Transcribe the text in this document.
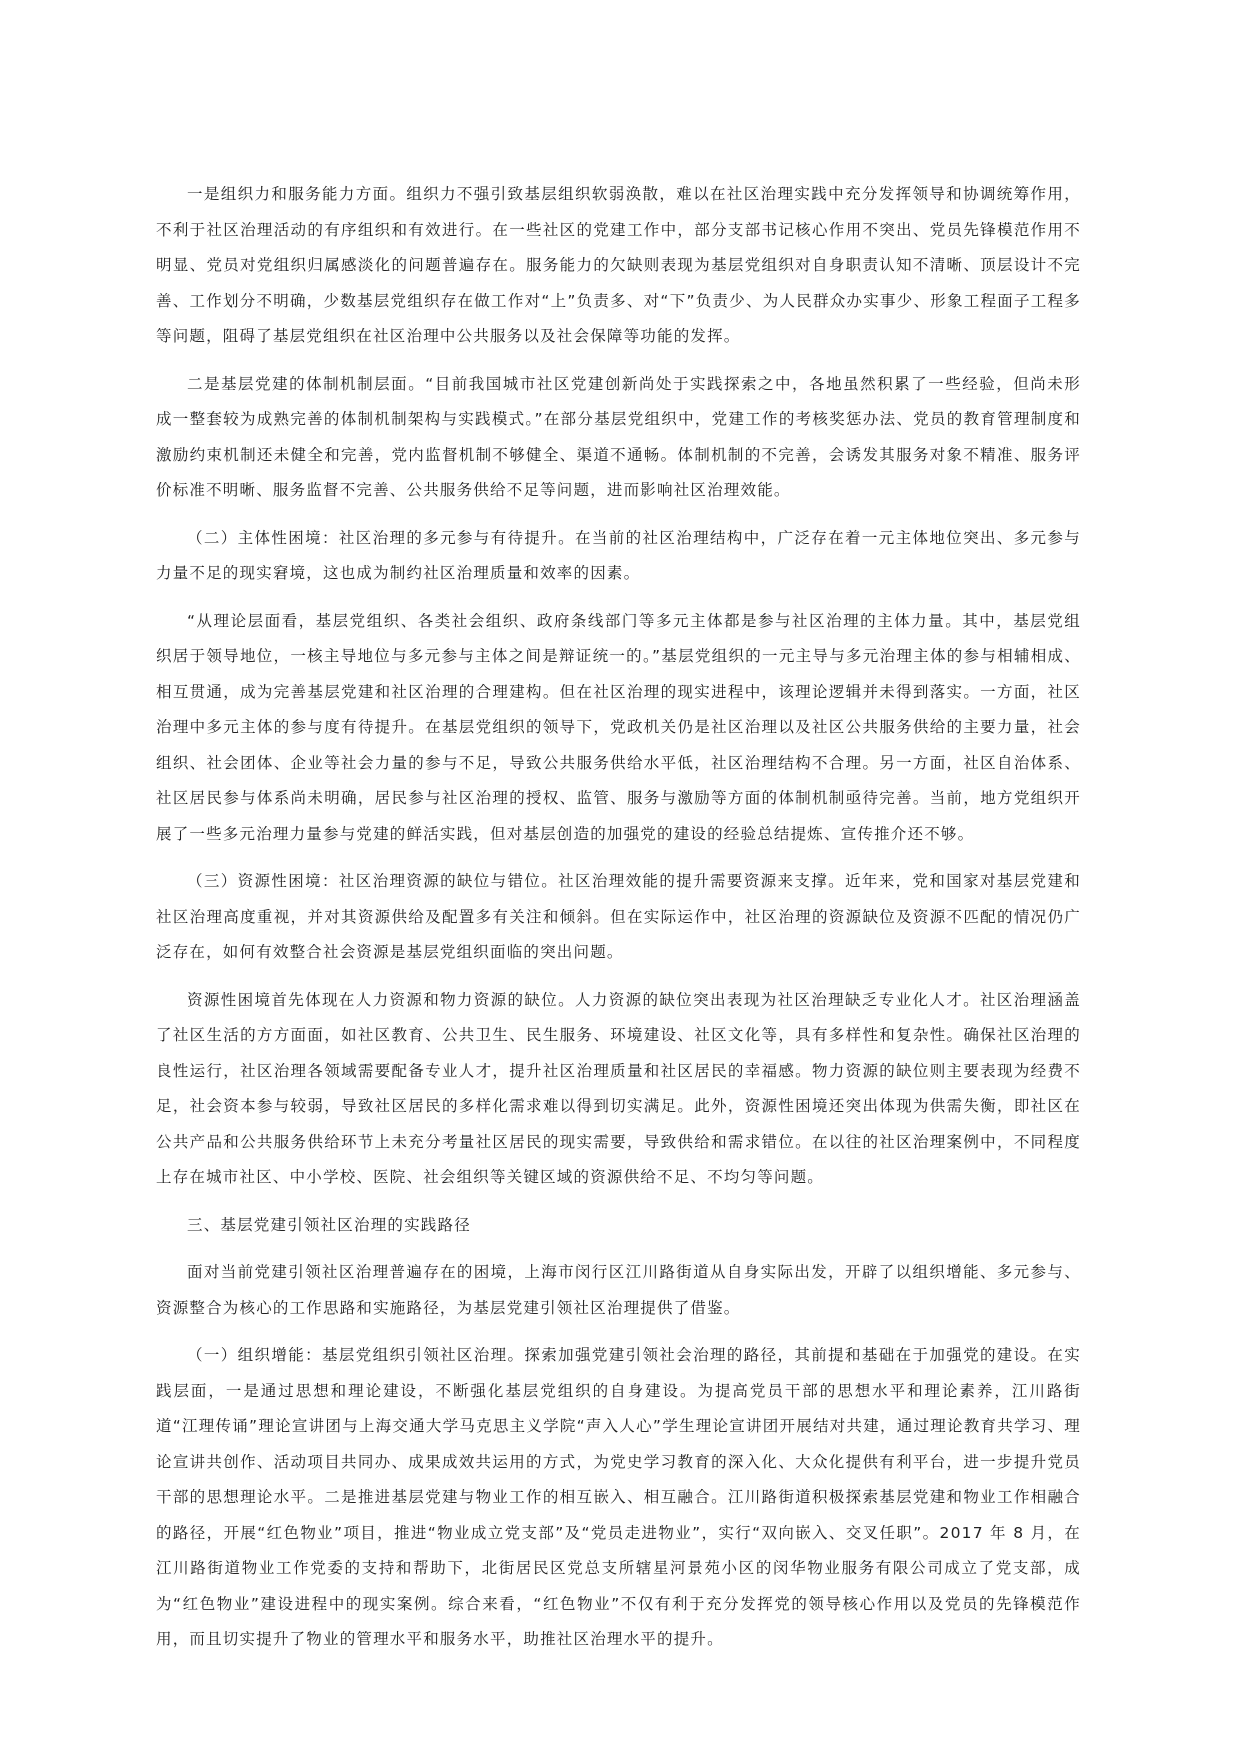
一是组织力和服务能力方面。组织力不强引致基层组织软弱涣散，难以在社区治理实践中充分发挥领导和协调统筹作用，不利于社区治理活动的有序组织和有效进行。在一些社区的党建工作中，部分支部书记核心作用不突出、党员先锋模范作用不明显、党员对党组织归属感淡化的问题普遍存在。服务能力的欠缺则表现为基层党组织对自身职责认知不清晰、顶层设计不完善、工作划分不明确，少数基层党组织存在做工作对“上”负责多、对“下”负责少、为人民群众办实事少、形象工程面子工程多等问题，阻碍了基层党组织在社区治理中公共服务以及社会保障等功能的发挥。

二是基层党建的体制机制层面。“目前我国城市社区党建创新尚处于实践探索之中，各地虽然积累了一些经验，但尚未形成一整套较为成熟完善的体制机制架构与实践模式。”在部分基层党组织中，党建工作的考核奖惩办法、党员的教育管理制度和激励约束机制还未健全和完善，党内监督机制不够健全、渠道不通畅。体制机制的不完善，会诱发其服务对象不精准、服务评价标准不明晰、服务监督不完善、公共服务供给不足等问题，进而影响社区治理效能。

（二）主体性困境：社区治理的多元参与有待提升。在当前的社区治理结构中，广泛存在着一元主体地位突出、多元参与力量不足的现实窘境，这也成为制约社区治理质量和效率的因素。

“从理论层面看，基层党组织、各类社会组织、政府条线部门等多元主体都是参与社区治理的主体力量。其中，基层党组织居于领导地位，一核主导地位与多元参与主体之间是辩证统一的。”基层党组织的一元主导与多元治理主体的参与相辅相成、相互贯通，成为完善基层党建和社区治理的合理建构。但在社区治理的现实进程中，该理论逻辑并未得到落实。一方面，社区治理中多元主体的参与度有待提升。在基层党组织的领导下，党政机关仍是社区治理以及社区公共服务供给的主要力量，社会组织、社会团体、企业等社会力量的参与不足，导致公共服务供给水平低，社区治理结构不合理。另一方面，社区自治体系、社区居民参与体系尚未明确，居民参与社区治理的授权、监管、服务与激励等方面的体制机制亟待完善。当前，地方党组织开展了一些多元治理力量参与党建的鲜活实践，但对基层创造的加强党的建设的经验总结提炼、宣传推介还不够。

（三）资源性困境：社区治理资源的缺位与错位。社区治理效能的提升需要资源来支撑。近年来，党和国家对基层党建和社区治理高度重视，并对其资源供给及配置多有关注和倾斜。但在实际运作中，社区治理的资源缺位及资源不匹配的情况仍广泛存在，如何有效整合社会资源是基层党组织面临的突出问题。

资源性困境首先体现在人力资源和物力资源的缺位。人力资源的缺位突出表现为社区治理缺乏专业化人才。社区治理涵盖了社区生活的方方面面，如社区教育、公共卫生、民生服务、环境建设、社区文化等，具有多样性和复杂性。确保社区治理的良性运行，社区治理各领域需要配备专业人才，提升社区治理质量和社区居民的幸福感。物力资源的缺位则主要表现为经费不足，社会资本参与较弱，导致社区居民的多样化需求难以得到切实满足。此外，资源性困境还突出体现为供需失衡，即社区在公共产品和公共服务供给环节上未充分考量社区居民的现实需要，导致供给和需求错位。在以往的社区治理案例中，不同程度上存在城市社区、中小学校、医院、社会组织等关键区域的资源供给不足、不均匀等问题。

三、基层党建引领社区治理的实践路径

面对当前党建引领社区治理普遍存在的困境，上海市闵行区江川路街道从自身实际出发，开辟了以组织增能、多元参与、资源整合为核心的工作思路和实施路径，为基层党建引领社区治理提供了借鉴。

（一）组织增能：基层党组织引领社区治理。探索加强党建引领社会治理的路径，其前提和基础在于加强党的建设。在实践层面，一是通过思想和理论建设，不断强化基层党组织的自身建设。为提高党员干部的思想水平和理论素养，江川路街道“江理传诵”理论宣讲团与上海交通大学马克思主义学院“声入人心”学生理论宣讲团开展结对共建，通过理论教育共学习、理论宣讲共创作、活动项目共同办、成果成效共运用的方式，为党史学习教育的深入化、大众化提供有利平台，进一步提升党员干部的思想理论水平。二是推进基层党建与物业工作的相互嵌入、相互融合。江川路街道积极探索基层党建和物业工作相融合的路径，开展“红色物业”项目，推进“物业成立党支部”及“党员走进物业”，实行“双向嵌入、交叉任职”。2017 年 8 月，在江川路街道物业工作党委的支持和帮助下，北街居民区党总支所辖星河景苑小区的闵华物业服务有限公司成立了党支部，成为“红色物业”建设进程中的现实案例。综合来看，“红色物业”不仅有利于充分发挥党的领导核心作用以及党员的先锋模范作用，而且切实提升了物业的管理水平和服务水平，助推社区治理水平的提升。
